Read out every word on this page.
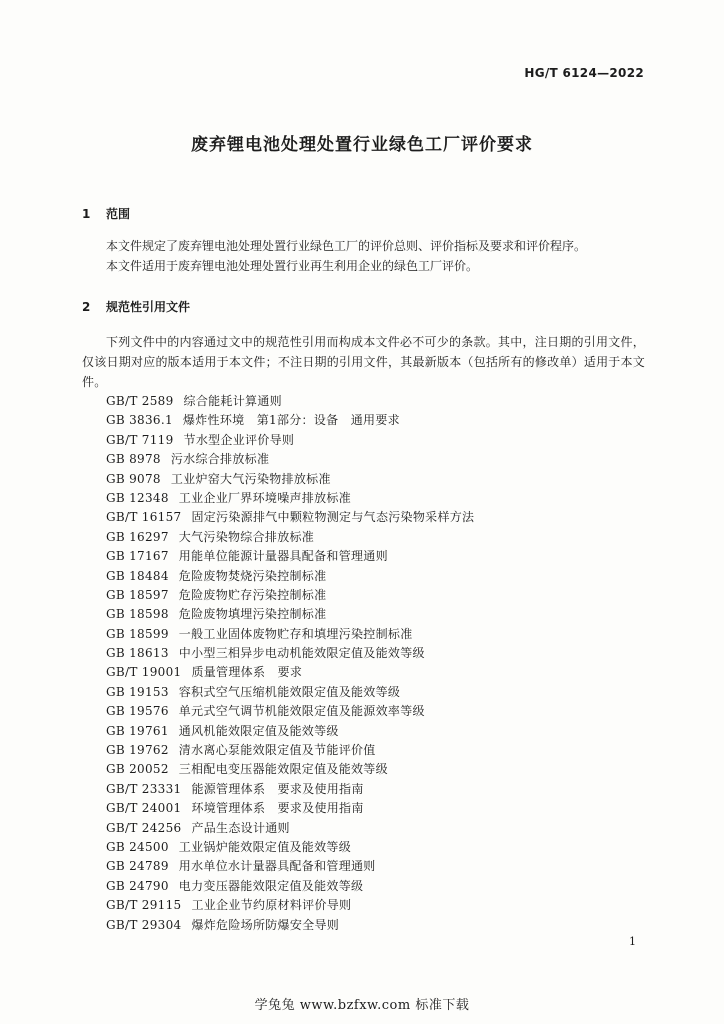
HG/T 6124—2022
废弃锂电池处理处置行业绿色工厂评价要求
1 范围
本文件规定了废弃锂电池处理处置行业绿色工厂的评价总则、评价指标及要求和评价程序。
本文件适用于废弃锂电池处理处置行业再生利用企业的绿色工厂评价。
2 规范性引用文件
下列文件中的内容通过文中的规范性引用而构成本文件必不可少的条款。其中，注日期的引用文件，仅该日期对应的版本适用于本文件；不注日期的引用文件，其最新版本（包括所有的修改单）适用于本文件。
GB/T 2589 综合能耗计算通则
GB 3836.1 爆炸性环境　第1部分：设备　通用要求
GB/T 7119 节水型企业评价导则
GB 8978 污水综合排放标准
GB 9078 工业炉窑大气污染物排放标准
GB 12348 工业企业厂界环境噪声排放标准
GB/T 16157 固定污染源排气中颗粒物测定与气态污染物采样方法
GB 16297 大气污染物综合排放标准
GB 17167 用能单位能源计量器具配备和管理通则
GB 18484 危险废物焚烧污染控制标准
GB 18597 危险废物贮存污染控制标准
GB 18598 危险废物填埋污染控制标准
GB 18599 一般工业固体废物贮存和填埋污染控制标准
GB 18613 中小型三相异步电动机能效限定值及能效等级
GB/T 19001 质量管理体系　要求
GB 19153 容积式空气压缩机能效限定值及能效等级
GB 19576 单元式空气调节机能效限定值及能源效率等级
GB 19761 通风机能效限定值及能效等级
GB 19762 清水离心泵能效限定值及节能评价值
GB 20052 三相配电变压器能效限定值及能效等级
GB/T 23331 能源管理体系　要求及使用指南
GB/T 24001 环境管理体系　要求及使用指南
GB/T 24256 产品生态设计通则
GB 24500 工业锅炉能效限定值及能效等级
GB 24789 用水单位水计量器具配备和管理通则
GB 24790 电力变压器能效限定值及能效等级
GB/T 29115 工业企业节约原材料评价导则
GB/T 29304 爆炸危险场所防爆安全导则
1
学兔兔 www.bzfxw.com 标准下载
